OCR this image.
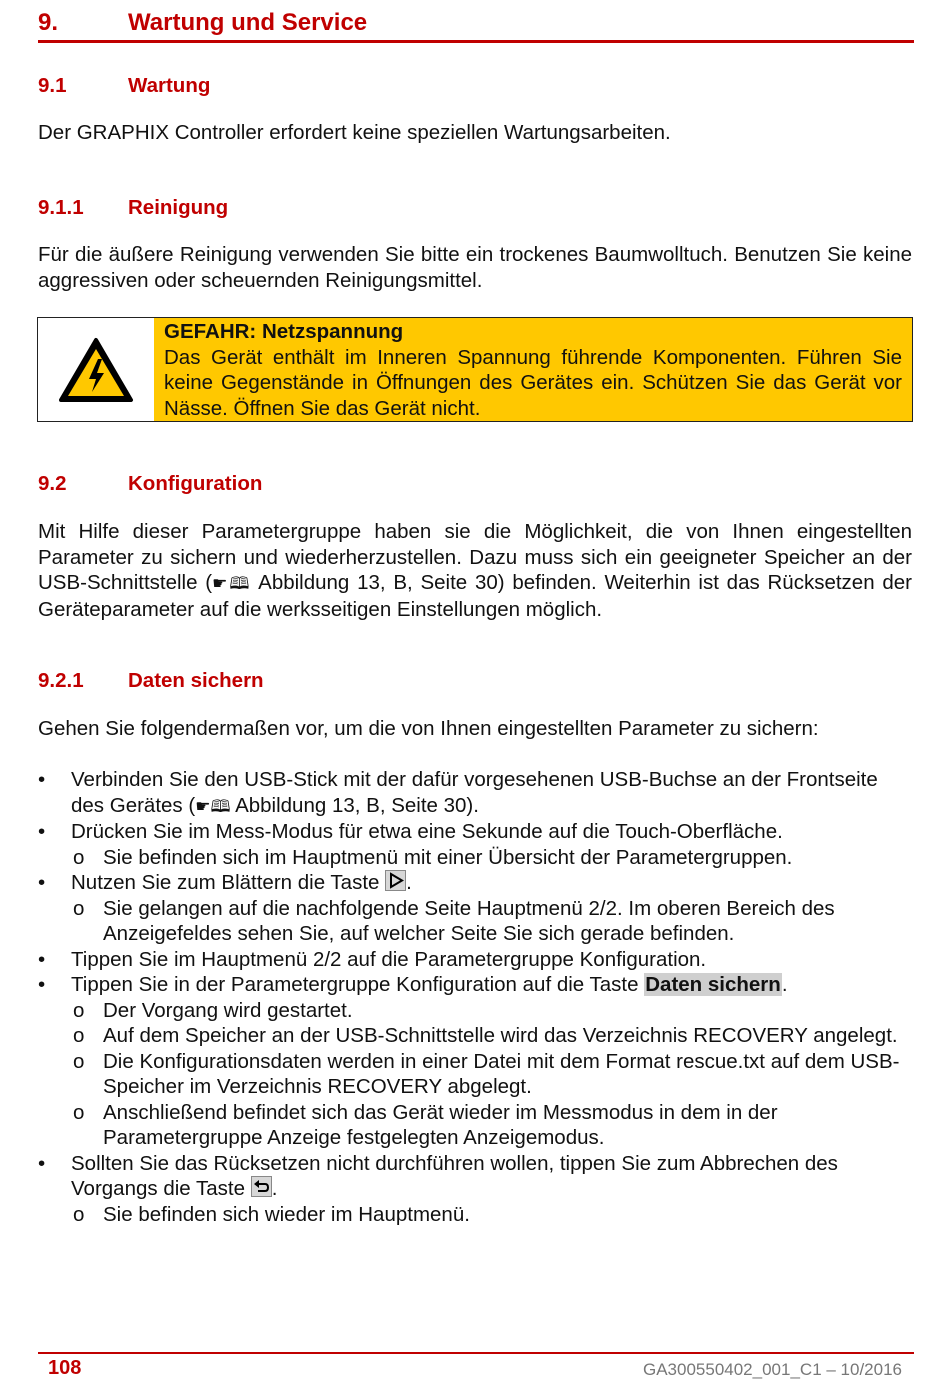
9.	Wartung und Service
9.1	Wartung
Der GRAPHIX Controller erfordert keine speziellen Wartungsarbeiten.
9.1.1 Reinigung
Für die äußere Reinigung verwenden Sie bitte ein trockenes Baumwolltuch. Benutzen Sie keine aggressiven oder scheuernden Reinigungsmittel.
GEFAHR: Netzspannung
Das Gerät enthält im Inneren Spannung führende Komponenten. Führen Sie keine Gegenstände in Öffnungen des Gerätes ein. Schützen Sie das Gerät vor Nässe. Öffnen Sie das Gerät nicht.
9.2	Konfiguration
Mit Hilfe dieser Parametergruppe haben sie die Möglichkeit, die von Ihnen eingestellten Parameter zu sichern und wiederherzustellen. Dazu muss sich ein geeigneter Speicher an der USB-Schnittstelle (☛🕮 Abbildung 13, B, Seite 30) befinden. Weiterhin ist das Rücksetzen der Geräteparameter auf die werksseitigen Einstellungen möglich.
9.2.1 Daten sichern
Gehen Sie folgendermaßen vor, um die von Ihnen eingestellten Parameter zu sichern:
• Verbinden Sie den USB-Stick mit der dafür vorgesehenen USB-Buchse an der Frontseite des Gerätes (☛🕮 Abbildung 13, B, Seite 30).
• Drücken Sie im Mess-Modus für etwa eine Sekunde auf die Touch-Oberfläche.
o Sie befinden sich im Hauptmenü mit einer Übersicht der Parametergruppen.
• Nutzen Sie zum Blättern die Taste .
o Sie gelangen auf die nachfolgende Seite Hauptmenü 2/2. Im oberen Bereich des Anzeigefeldes sehen Sie, auf welcher Seite Sie sich gerade befinden.
• Tippen Sie im Hauptmenü 2/2 auf die Parametergruppe Konfiguration.
• Tippen Sie in der Parametergruppe Konfiguration auf die Taste Daten sichern.
o Der Vorgang wird gestartet.
o Auf dem Speicher an der USB-Schnittstelle wird das Verzeichnis RECOVERY angelegt.
o Die Konfigurationsdaten werden in einer Datei mit dem Format rescue.txt auf dem USB-Speicher im Verzeichnis RECOVERY abgelegt.
o Anschließend befindet sich das Gerät wieder im Messmodus in dem in der Parametergruppe Anzeige festgelegten Anzeigemodus.
• Sollten Sie das Rücksetzen nicht durchführen wollen, tippen Sie zum Abbrechen des Vorgangs die Taste .
o Sie befinden sich wieder im Hauptmenü.
108	GA300550402_001_C1 – 10/2016
